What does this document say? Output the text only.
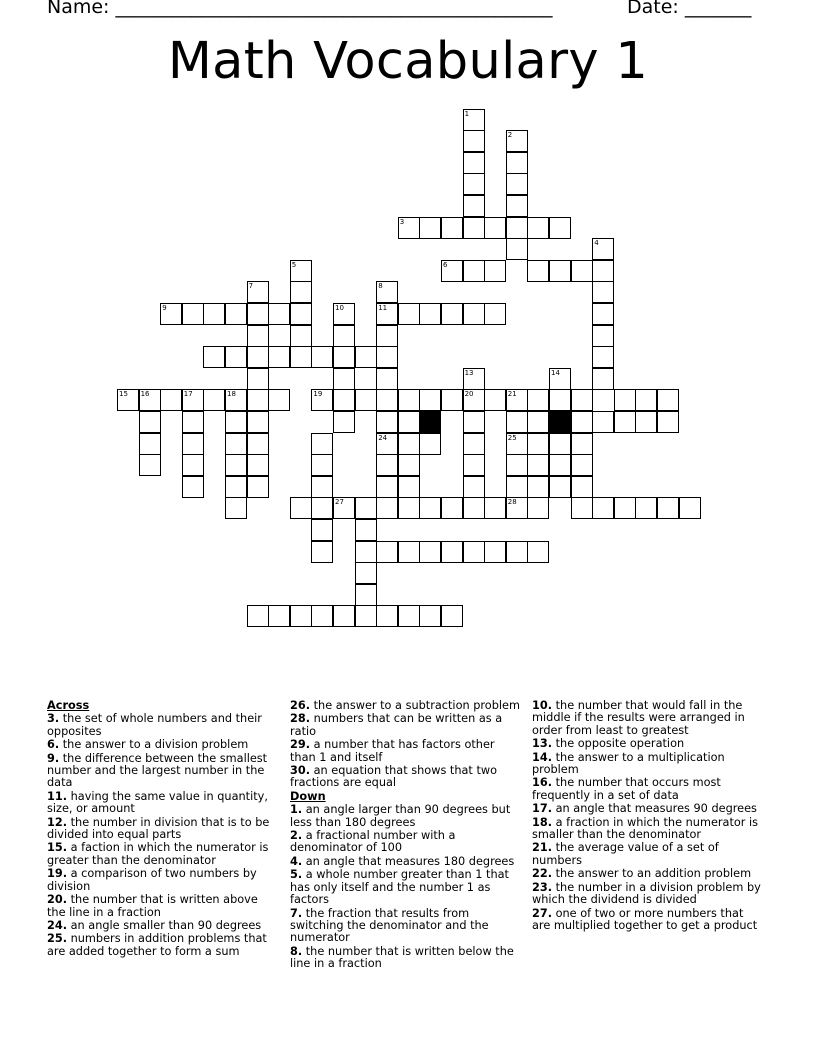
Name: ______________________________________________	Date: _______
Math Vocabulary 1
1
2
3
4
6
5
7	8
11
24
9	10
13
20
14
15 16	17	18	19	21
22
25
28
27
Across
3. the set of whole numbers and their opposites
6. the answer to a division problem
9. the difference between the smallest number and the largest number in the data
11. having the same value in quantity, size, or amount
12. the number in division that is to be divided into equal parts
15. a faction in which the numerator is greater than the denominator
19. a comparison of two numbers by division
20. the number that is written above the line in a fraction
24. an angle smaller than 90 degrees
25. numbers in addition problems that are added together to form a sum
26. the answer to a subtraction problem
28. numbers that can be written as a ratio
29. a number that has factors other than 1 and itself
30. an equation that shows that two fractions are equal
Down
1. an angle larger than 90 degrees but less than 180 degrees
2. a fractional number with a denominator of 100
4. an angle that measures 180 degrees
5. a whole number greater than 1 that has only itself and the number 1 as factors
7. the fraction that results from switching the denominator and the numerator
8. the number that is written below the line in a fraction
10. the number that would fall in the middle if the results were arranged in order from least to greatest
13. the opposite operation
14. the answer to a multiplication problem
16. the number that occurs most frequently in a set of data
17. an angle that measures 90 degrees
18. a fraction in which the numerator is smaller than the denominator
21. the average value of a set of numbers
22. the answer to an addition problem
23. the number in a division problem by which the dividend is divided
27. one of two or more numbers that are multiplied together to get a product
